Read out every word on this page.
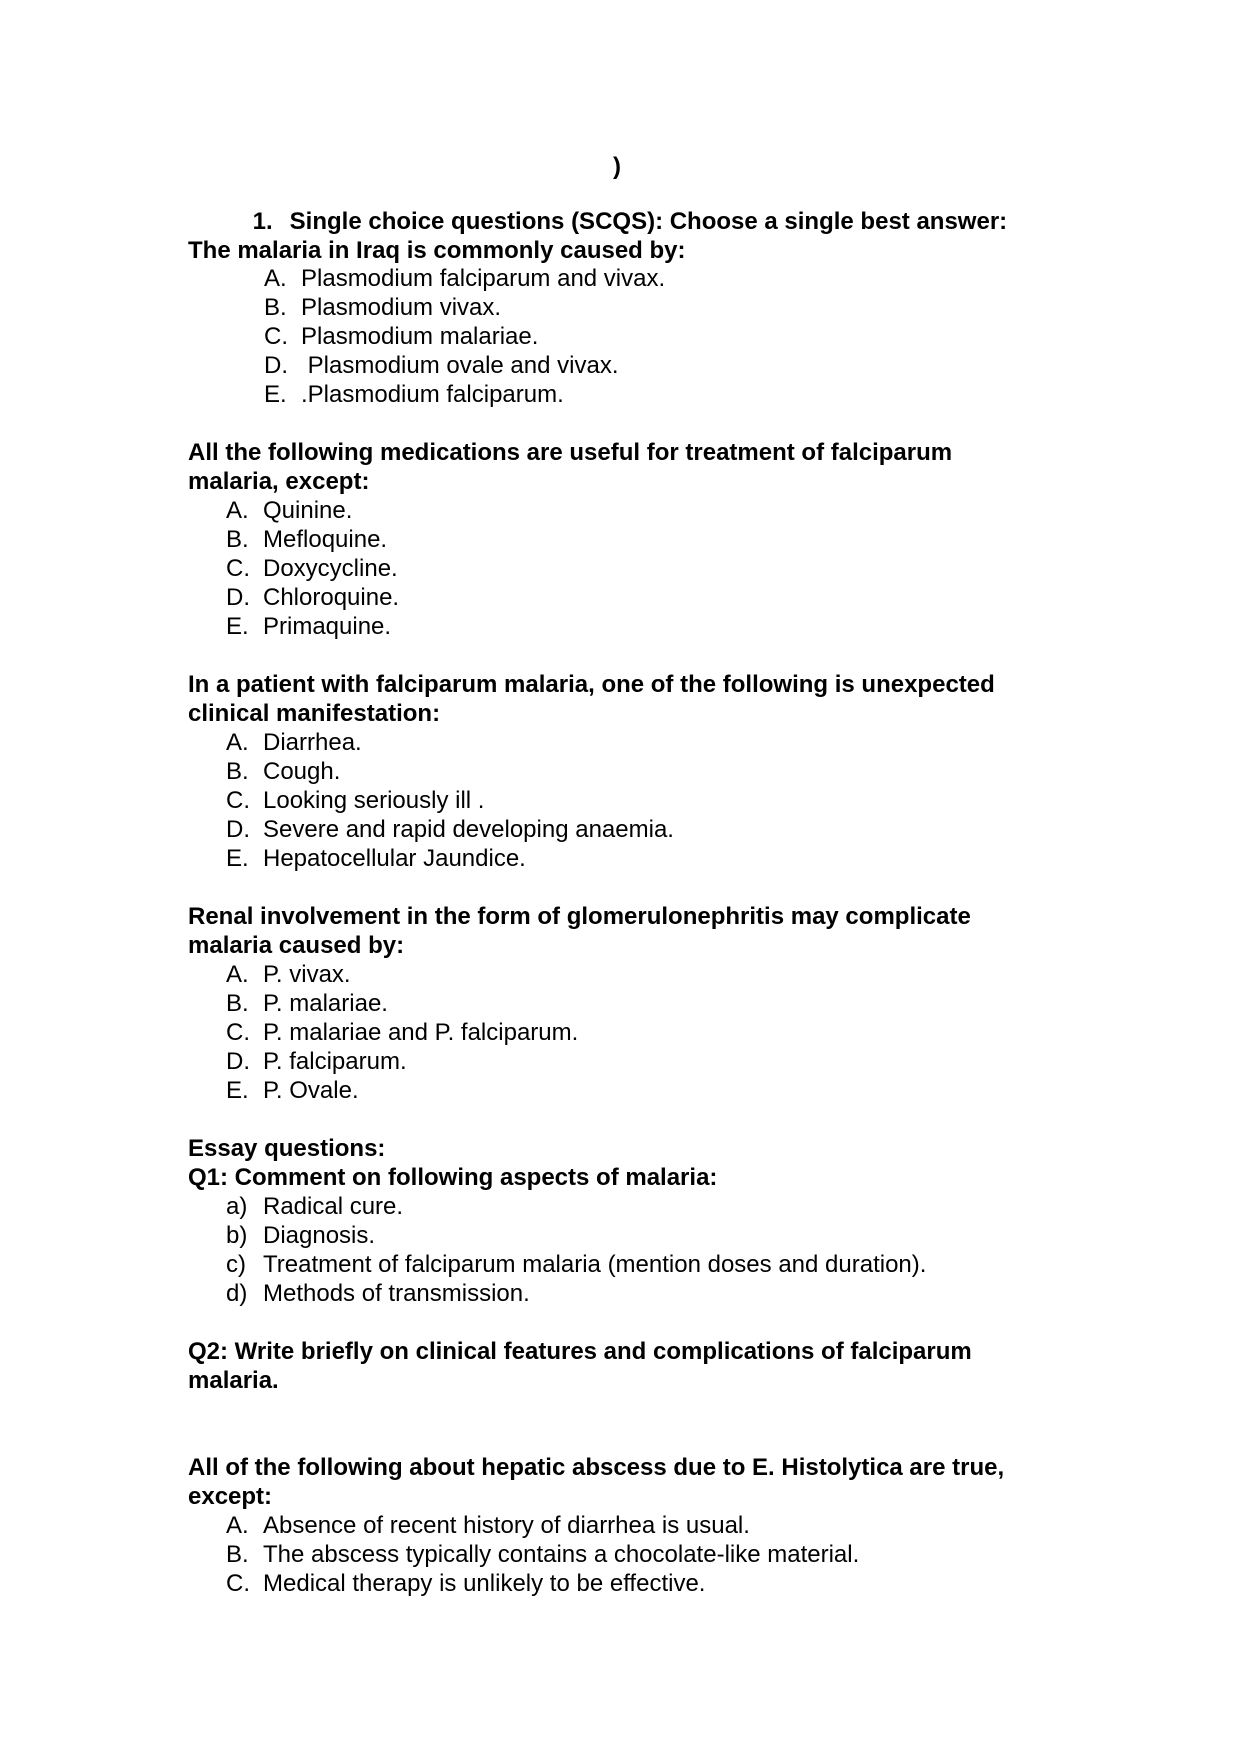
)

1. Single choice questions (SCQS): Choose a single best answer:

The malaria in Iraq is commonly caused by:
A. Plasmodium falciparum and vivax.
B. Plasmodium vivax.
C. Plasmodium malariae.
D. Plasmodium ovale and vivax.
E. .Plasmodium falciparum.
All the following medications are useful for treatment of falciparum
malaria, except:
A. Quinine.
B. Mefloquine.
C. Doxycycline.
D. Chloroquine.
E. Primaquine.
In a patient with falciparum malaria, one of the following is unexpected
clinical manifestation:
A. Diarrhea.
B. Cough.
C. Looking seriously ill .
D. Severe and rapid developing anaemia.
E. Hepatocellular Jaundice.
Renal involvement in the form of glomerulonephritis may complicate
malaria caused by:
A. P. vivax.
B. P. malariae.
C. P. malariae and P. falciparum.
D. P. falciparum.
E. P. Ovale.
Essay questions:
Q1: Comment on following aspects of malaria:
a) Radical cure.
b) Diagnosis.
c) Treatment of falciparum malaria (mention doses and duration).
d) Methods of transmission.
Q2: Write briefly on clinical features and complications of falciparum
malaria.
All of the following about hepatic abscess due to E. Histolytica are true,
except:
A. Absence of recent history of diarrhea is usual.
B. The abscess typically contains a chocolate-like material.
C. Medical therapy is unlikely to be effective.
